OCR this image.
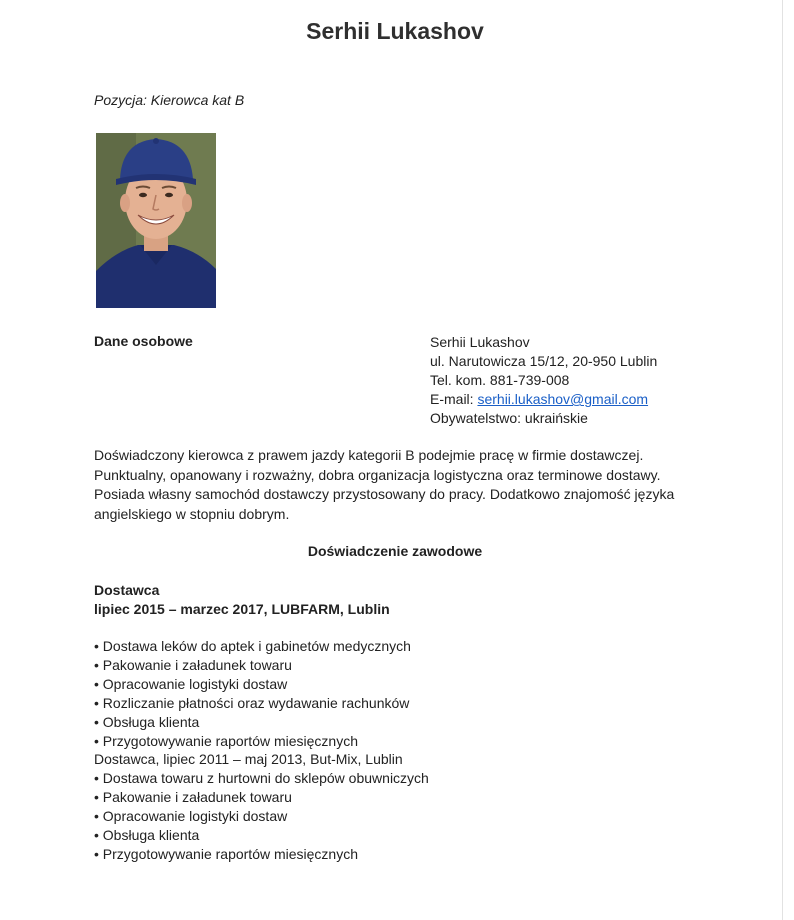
Serhii Lukashov
Pozycja: Kierowca kat B
Dane osobowe	Serhii Lukashov
ul. Narutowicza 15/12, 20-950 Lublin
Tel. kom. 881-739-008
E-mail: serhii.lukashov@gmail.com
Obywatelstwo: ukraińskie
Doświadczony kierowca z prawem jazdy kategorii B podejmie pracę w firmie dostawczej.
Punktualny, opanowany i rozważny, dobra organizacja logistyczna oraz terminowe dostawy.
Posiada własny samochód dostawczy przystosowany do pracy. Dodatkowo znajomość języka
angielskiego w stopniu dobrym.
Doświadczenie zawodowe
Dostawca
lipiec 2015 – marzec 2017, LUBFARM, Lublin
• Dostawa leków do aptek i gabinetów medycznych
• Pakowanie i załadunek towaru
• Opracowanie logistyki dostaw
• Rozliczanie płatności oraz wydawanie rachunków
• Obsługa klienta
• Przygotowywanie raportów miesięcznych
Dostawca, lipiec 2011 – maj 2013, But-Mix, Lublin
• Dostawa towaru z hurtowni do sklepów obuwniczych
• Pakowanie i załadunek towaru
• Opracowanie logistyki dostaw
• Obsługa klienta
• Przygotowywanie raportów miesięcznych
